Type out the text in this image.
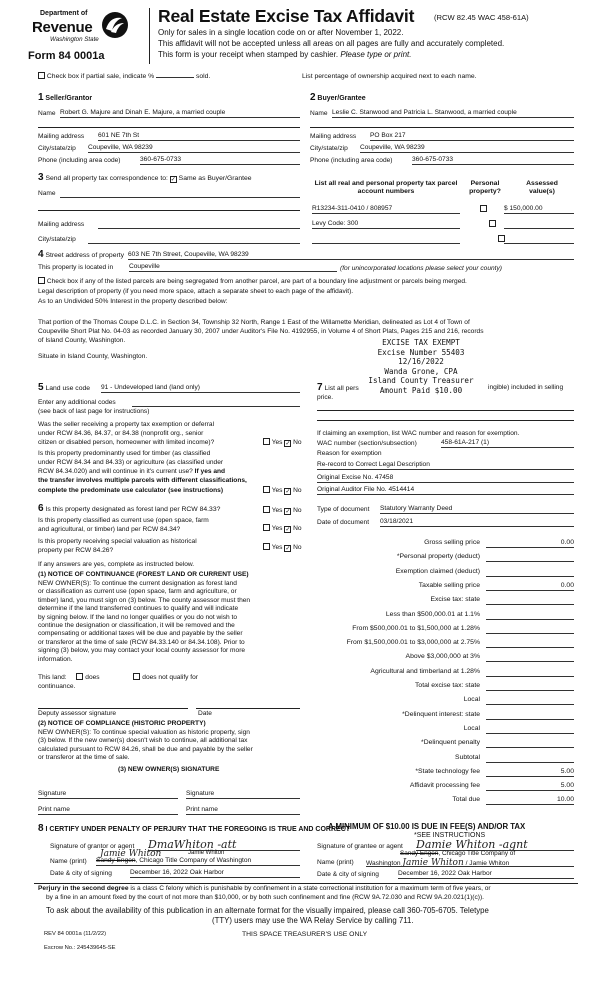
Department of
Revenue
Washington State
Form 84 0001a
Real Estate Excise Tax Affidavit	(RCW 82.45 WAC 458-61A)
Only for sales in a single location code on or after November 1, 2022.
This affidavit will not be accepted unless all areas on all pages are fully and accurately completed.
This form is your receipt when stamped by cashier. Please type or print.
Check box if partial sale, indicate %	sold.	List percentage of ownership acquired next to each name.
1 Seller/Grantor	2 Buyer/Grantee
Name Robert G. Majure and Dinah E. Majure, a married couple
Mailing address 601 NE 7th St
City/state/zip Coupeville, WA 98239
Phone (including area code)	360-675-0733
Name Leslie C. Stanwood and Patricia L. Stanwood, a married couple
Mailing address PO Box 217
City/state/zip Coupeville, WA 98239
Phone (including area code)	360-675-0733
3 Send all property tax correspondence to: ✓ Same as Buyer/Grantee
Name
Mailing address
City/state/zip
List all real and personal property tax parcel account numbers
Personal property?
Assessed value(s)
R13234-311-0410 / 808957
	$ 150,000.00
Levy Code: 300

4 Street address of property 603 NE 7th Street, Coupeville, WA 98239
This property is located in Coupeville	(for unincorporated locations please select your county)
Check box if any of the listed parcels are being segregated from another parcel, are part of a boundary line adjustment or parcels being merged.
Legal description of property (if you need more space, attach a separate sheet to each page of the affidavit).
As to an Undivided 50% Interest in the property described below:
That portion of the Thomas Coupe D.L.C. in Section 34, Township 32 North, Range 1 East of the Willamette Meridian, delineated as Lot 4 of Town of
Coupeville Short Plat No. 04-03 as recorded January 30, 2007 under Auditor's File No. 4192955, in Volume 4 of Short Plats, Pages 215 and 216, records
of Island County, Washington.
Situate in Island County, Washington.
EXCISE TAX EXEMPT
Excise Number 55403
12/16/2022
Wanda Grone, CPA
Island County Treasurer
Amount Paid $10.00
5 Land use code 91 - Undeveloped land (land only)
Enter any additional codes
(see back of last page for instructions)
Was the seller receiving a property tax exemption or deferral
under RCW 84.36, 84.37, or 84.38 (nonprofit org., senior
citizen or disabled person, homeowner with limited income)?	Yes ✓ No
Is this property predominantly used for timber (as classified
under RCW 84.34 and 84.33) or agriculture (as classified under
RCW 84.34.020) and will continue in it's current use? If yes and
the transfer involves multiple parcels with different classifications,
complete the predominate use calculator (see instructions)	Yes ✓ No
7 List all pers	ingible) included in selling
price.
If claiming an exemption, list WAC number and reason for exemption.
WAC number (section/subsection)	458-61A-217 (1)
Reason for exemption
Re-record to Correct Legal Description
Original Excise No. 47458
Original Auditor File No. 4514414
6 Is this property designated as forest land per RCW 84.33?	Yes ✓ No
Is this property classified as current use (open space, farm
and agricultural, or timber) land per RCW 84.34?	Yes ✓ No
Is this property receiving special valuation as historical
property per RCW 84.26?	Yes ✓ No
If any answers are yes, complete as instructed below.
(1) NOTICE OF CONTINUANCE (FOREST LAND OR CURRENT USE)
NEW OWNER(S): To continue the current designation as forest land
or classification as current use (open space, farm and agriculture, or
timber) land, you must sign on (3) below. The county assessor must then
determine if the land transferred continues to qualify and will indicate
by signing below. If the land no longer qualifies or you do not wish to
continue the designation or classification, it will be removed and the
compensating or additional taxes will be due and payable by the seller
or transferor at the time of sale (RCW 84.33.140 or 84.34.108). Prior to
signing (3) below, you may contact your local county assessor for more
information.
This land:	does	does not qualify for
continuance.
Deputy assessor signature	Date
(2) NOTICE OF COMPLIANCE (HISTORIC PROPERTY)
NEW OWNER(S): To continue special valuation as historic property, sign
(3) below. If the new owner(s) doesn't wish to continue, all additional tax
calculated pursuant to RCW 84.26, shall be due and payable by the seller
or transferor at the time of sale.
(3) NEW OWNER(S) SIGNATURE
Signature	Signature
Print name	Print name
Type of document Statutory Warranty Deed
Date of document 03/18/2021
Gross selling price	0.00
*Personal property (deduct)
Exemption claimed (deduct)
Taxable selling price	0.00
Excise tax: state
Less than $500,000.01 at 1.1%
From $500,000.01 to $1,500,000 at 1.28%
From $1,500,000.01 to $3,000,000 at 2.75%
Above $3,000,000 at 3%
Agricultural and timberland at 1.28%
Total excise tax: state
Local
*Delinquent interest: state
Local
*Delinquent penalty
Subtotal
*State technology fee	5.00
Affidavit processing fee	5.00
Total due	10.00
A MINIMUM OF $10.00 IS DUE IN FEE(S) AND/OR TAX
*SEE INSTRUCTIONS
8 I CERTIFY UNDER PENALTY OF PERJURY THAT THE FOREGOING IS TRUE AND CORRECT
Signature of grantor or agent DmaWhiton -att
Jamie Whiton
Name (print)
Jamie Whiton
Sandy Engen, Chicago Title Company of Washington
Date & city of signing	December 16, 2022 Oak Harbor
Signature of grantee or agent Damie Whiton -agnt
Sandy Engen, Chicago Title Company of
Name (print) Washington Jamie Whiton / Jamie Whiton
Date & city of signing	December 16, 2022 Oak Harbor
Perjury in the second degree is a class C felony which is punishable by confinement in a state correctional institution for a maximum term of five years, or
by a fine in an amount fixed by the court of not more than $10,000, or by both such confinement and fine (RCW 9A.72.030 and RCW 9A.20.021(1)(c)).
To ask about the availability of this publication in an alternate format for the visually impaired, please call 360-705-6705. Teletype
(TTY) users may use the WA Relay Service by calling 711.
REV 84 0001a (11/2/22)	THIS SPACE TREASURER'S USE ONLY
Escrow No.: 245439645-SE
